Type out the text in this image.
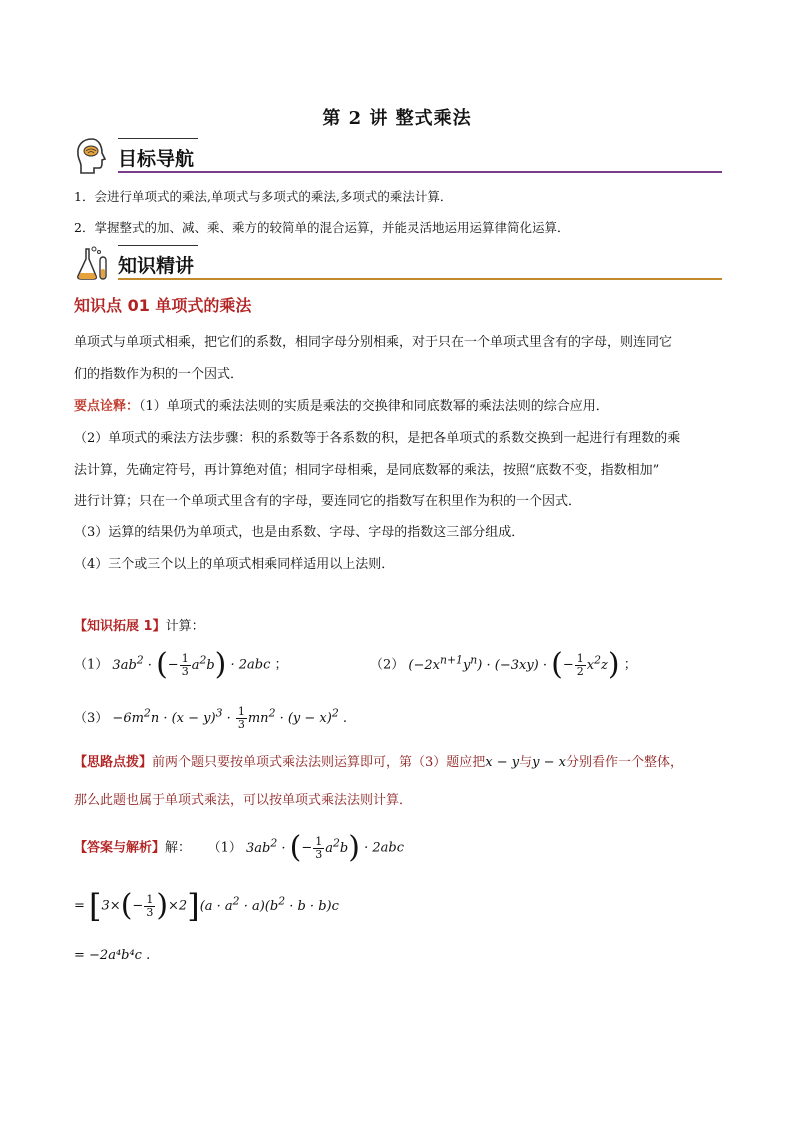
第 2 讲 整式乘法
目标导航
1．会进行单项式的乘法,单项式与多项式的乘法,多项式的乘法计算．
2．掌握整式的加、减、乘、乘方的较简单的混合运算，并能灵活地运用运算律简化运算．
知识精讲
知识点 01 单项式的乘法
单项式与单项式相乘，把它们的系数，相同字母分别相乘，对于只在一个单项式里含有的字母，则连同它
们的指数作为积的一个因式．
要点诠释：（1）单项式的乘法法则的实质是乘法的交换律和同底数幂的乘法法则的综合应用．
（2）单项式的乘法方法步骤：积的系数等于各系数的积，是把各单项式的系数交换到一起进行有理数的乘
法计算，先确定符号，再计算绝对值；相同字母相乘，是同底数幂的乘法，按照“底数不变，指数相加”
进行计算；只在一个单项式里含有的字母，要连同它的指数写在积里作为积的一个因式．
（3）运算的结果仍为单项式，也是由系数、字母、字母的指数这三部分组成．
（4）三个或三个以上的单项式相乘同样适用以上法则．
【知识拓展 1】计算：
（1） $3ab^2$ · (− $\frac{1}{3} a^2b) \cdot 2abc$ ；	（2） $(-2x^{n+1}y^n) \cdot (-3xy)$ · (− $\frac{1}{2} x^2z$) ；
$(3) -6m^2n \cdot (x - y)^3 \cdot \frac{1}{3} mn^2 \cdot (y - x)^2$ .
【思路点拨】前两个题只要按单项式乘法法则运算即可，第（3）题应把x − y与y − x分别看作一个整体，
那么此题也属于单项式乘法，可以按单项式乘法法则计算．
【答案与解析】解： （1） $3ab^2$ · (− $\frac{1}{3} a^2b) \cdot 2abc$
= $[3\times(- \frac{1}{3} )\times 2](a \cdot a^2 \cdot a)(b^2 \cdot b \cdot b)c$
= −2a⁴b⁴c .
